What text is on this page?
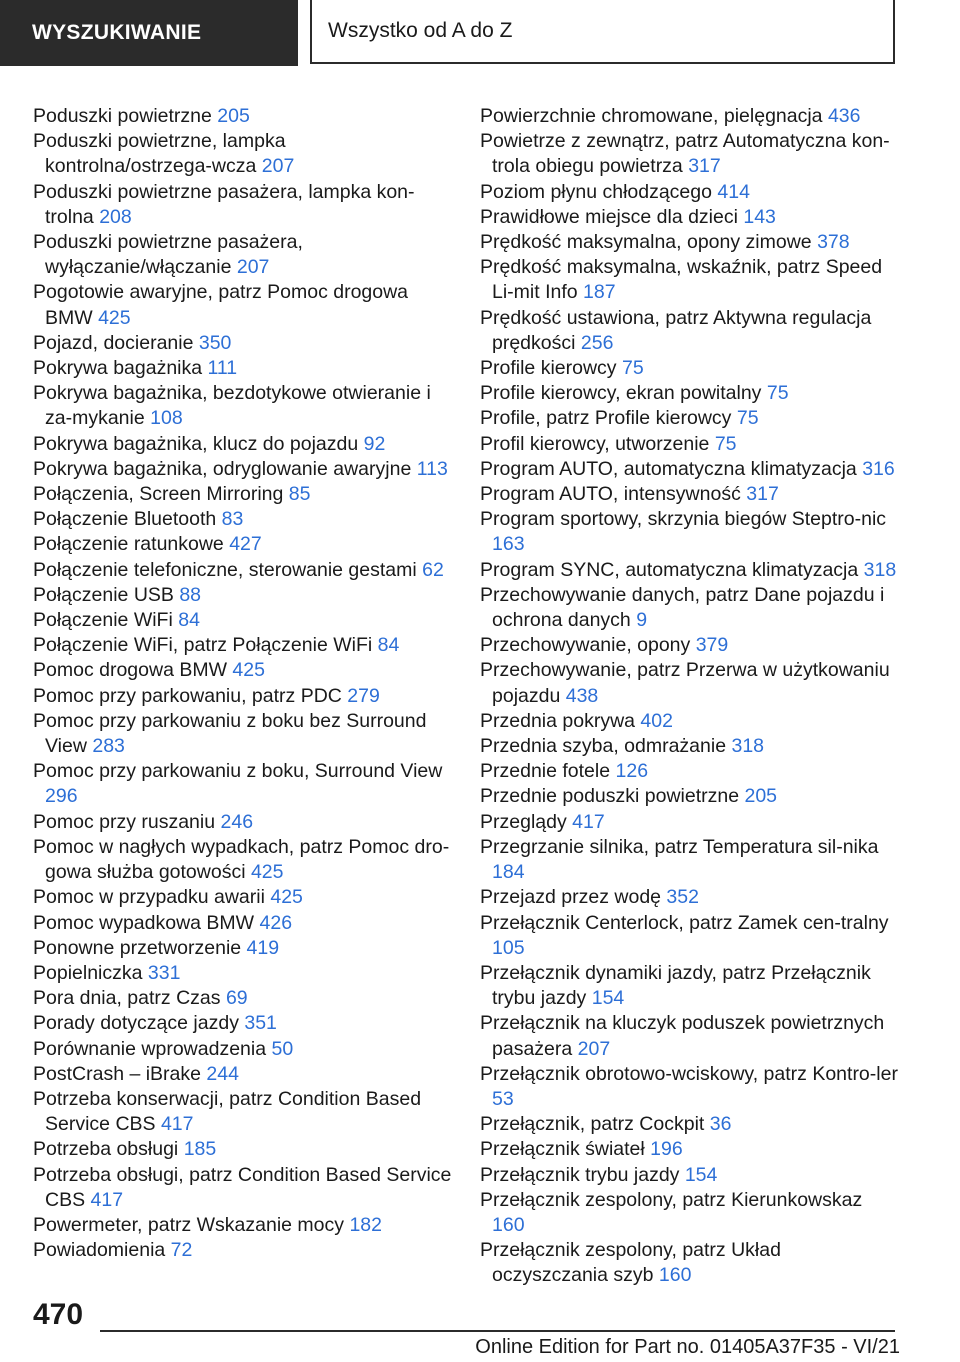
WYSZUKIWANIE	Wszystko od A do Z
Poduszki powietrzne 205
Poduszki powietrzne, lampka kontrolna/ostrzega‐wcza 207
Poduszki powietrzne pasażera, lampka kon‐trolna 208
Poduszki powietrzne pasażera, wyłączanie/włączanie 207
Pogotowie awaryjne, patrz Pomoc drogowa BMW 425
Pojazd, docieranie 350
Pokrywa bagażnika 111
Pokrywa bagażnika, bezdotykowe otwieranie i za‐mykanie 108
Pokrywa bagażnika, klucz do pojazdu 92
Pokrywa bagażnika, odryglowanie awaryjne 113
Połączenia, Screen Mirroring 85
Połączenie Bluetooth 83
Połączenie ratunkowe 427
Połączenie telefoniczne, sterowanie gestami 62
Połączenie USB 88
Połączenie WiFi 84
Połączenie WiFi, patrz Połączenie WiFi 84
Pomoc drogowa BMW 425
Pomoc przy parkowaniu, patrz PDC 279
Pomoc przy parkowaniu z boku bez Surround View 283
Pomoc przy parkowaniu z boku, Surround View 296
Pomoc przy ruszaniu 246
Pomoc w nagłych wypadkach, patrz Pomoc dro‐gowa służba gotowości 425
Pomoc w przypadku awarii 425
Pomoc wypadkowa BMW 426
Ponowne przetworzenie 419
Popielniczka 331
Pora dnia, patrz Czas 69
Porady dotyczące jazdy 351
Porównanie wprowadzenia 50
PostCrash – iBrake 244
Potrzeba konserwacji, patrz Condition Based Service CBS 417
Potrzeba obsługi 185
Potrzeba obsługi, patrz Condition Based Service CBS 417
Powermeter, patrz Wskazanie mocy 182
Powiadomienia 72
Powierzchnie chromowane, pielęgnacja 436
Powietrze z zewnątrz, patrz Automatyczna kon‐trola obiegu powietrza 317
Poziom płynu chłodzącego 414
Prawidłowe miejsce dla dzieci 143
Prędkość maksymalna, opony zimowe 378
Prędkość maksymalna, wskaźnik, patrz Speed Li‐mit Info 187
Prędkość ustawiona, patrz Aktywna regulacja prędkości 256
Profile kierowcy 75
Profile kierowcy, ekran powitalny 75
Profile, patrz Profile kierowcy 75
Profil kierowcy, utworzenie 75
Program AUTO, automatyczna klimatyzacja 316
Program AUTO, intensywność 317
Program sportowy, skrzynia biegów Steptro‐nic 163
Program SYNC, automatyczna klimatyzacja 318
Przechowywanie danych, patrz Dane pojazdu i ochrona danych 9
Przechowywanie, opony 379
Przechowywanie, patrz Przerwa w użytkowaniu pojazdu 438
Przednia pokrywa 402
Przednia szyba, odmrażanie 318
Przednie fotele 126
Przednie poduszki powietrzne 205
Przeglądy 417
Przegrzanie silnika, patrz Temperatura sil‐nika 184
Przejazd przez wodę 352
Przełącznik Centerlock, patrz Zamek cen‐tralny 105
Przełącznik dynamiki jazdy, patrz Przełącznik trybu jazdy 154
Przełącznik na kluczyk poduszek powietrznych pasażera 207
Przełącznik obrotowo-wciskowy, patrz Kontro‐ler 53
Przełącznik, patrz Cockpit 36
Przełącznik świateł 196
Przełącznik trybu jazdy 154
Przełącznik zespolony, patrz Kierunkowskaz 160
Przełącznik zespolony, patrz Układ oczyszczania szyb 160
470
Online Edition for Part no. 01405A37F35 - VI/21
